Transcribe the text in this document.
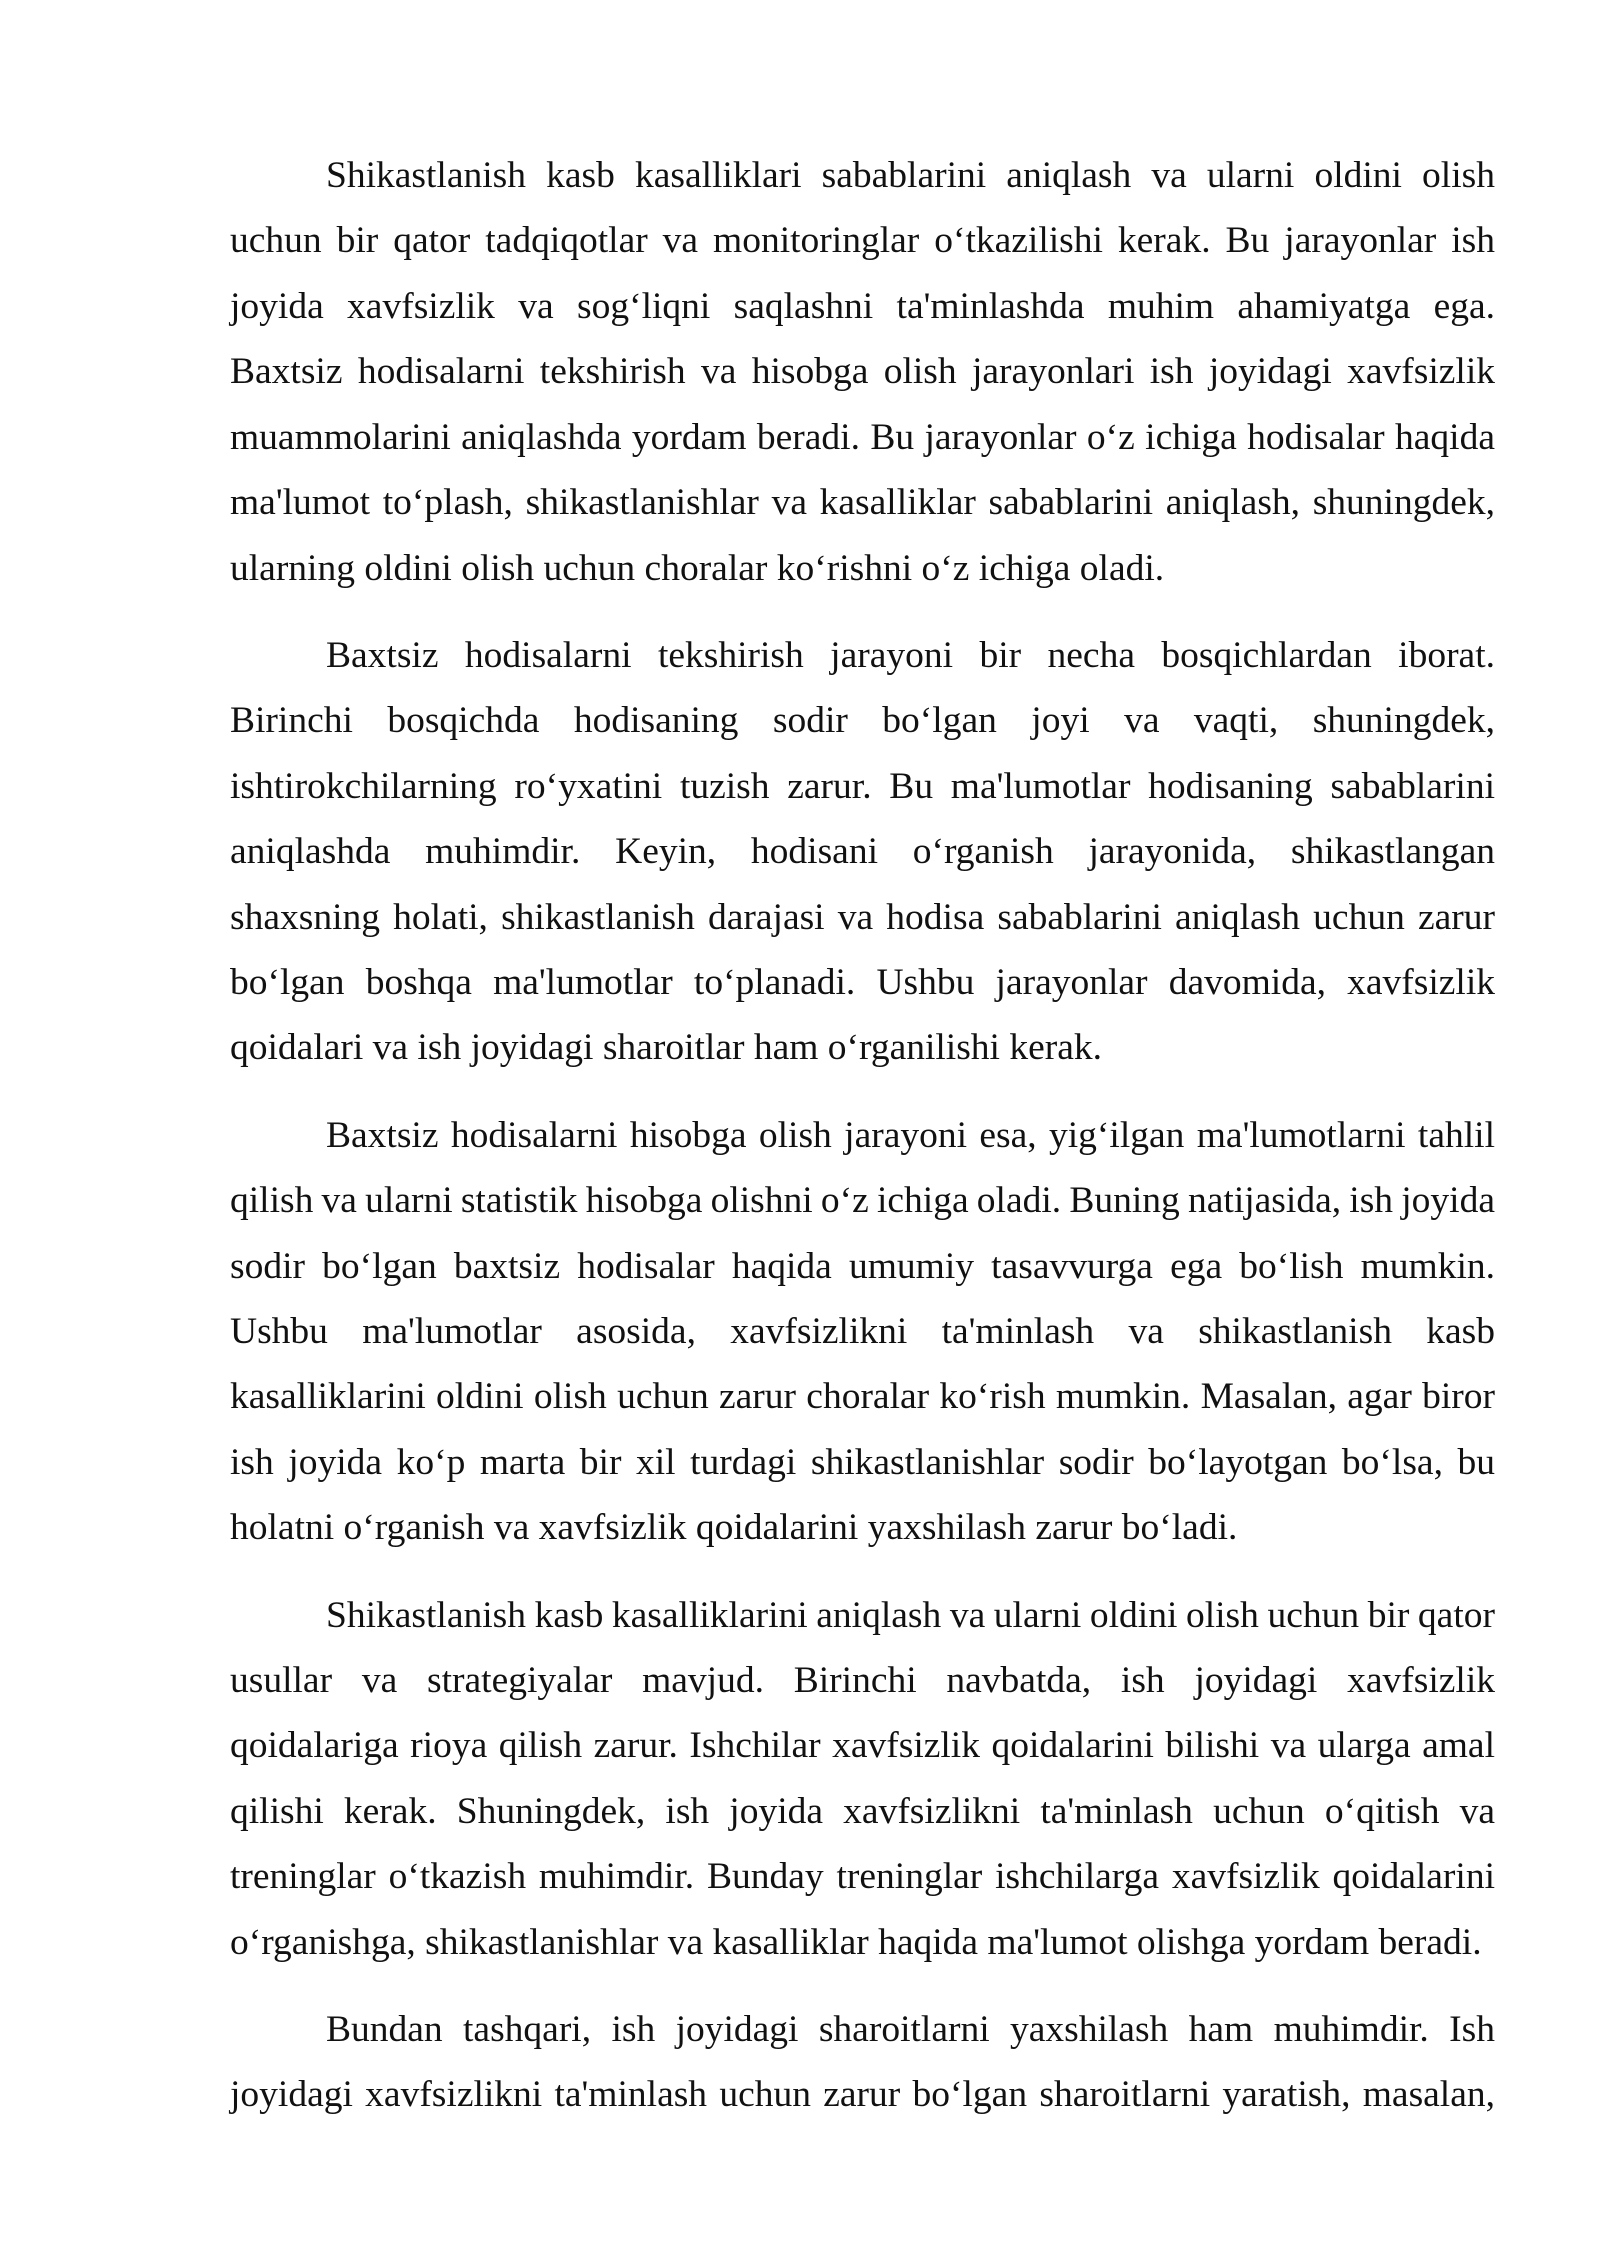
Shikastlanish kasb kasalliklari sabablarini aniqlash va ularni oldini olish
uchun bir qator tadqiqotlar va monitoringlar o‘tkazilishi kerak. Bu jarayonlar ish
joyida xavfsizlik va sog‘liqni saqlashni ta'minlashda muhim ahamiyatga ega.
Baxtsiz hodisalarni tekshirish va hisobga olish jarayonlari ish joyidagi xavfsizlik
muammolarini aniqlashda yordam beradi. Bu jarayonlar o‘z ichiga hodisalar haqida
ma'lumot to‘plash, shikastlanishlar va kasalliklar sabablarini aniqlash, shuningdek,
ularning oldini olish uchun choralar ko‘rishni o‘z ichiga oladi.
Baxtsiz hodisalarni tekshirish jarayoni bir necha bosqichlardan iborat.
Birinchi bosqichda hodisaning sodir bo‘lgan joyi va vaqti, shuningdek,
ishtirokchilarning ro‘yxatini tuzish zarur. Bu ma'lumotlar hodisaning sabablarini
aniqlashda muhimdir. Keyin, hodisani o‘rganish jarayonida, shikastlangan
shaxsning holati, shikastlanish darajasi va hodisa sabablarini aniqlash uchun zarur
bo‘lgan boshqa ma'lumotlar to‘planadi. Ushbu jarayonlar davomida, xavfsizlik
qoidalari va ish joyidagi sharoitlar ham o‘rganilishi kerak.
Baxtsiz hodisalarni hisobga olish jarayoni esa, yig‘ilgan ma'lumotlarni tahlil
qilish va ularni statistik hisobga olishni o‘z ichiga oladi. Buning natijasida, ish joyida
sodir bo‘lgan baxtsiz hodisalar haqida umumiy tasavvurga ega bo‘lish mumkin.
Ushbu ma'lumotlar asosida, xavfsizlikni ta'minlash va shikastlanish kasb
kasalliklarini oldini olish uchun zarur choralar ko‘rish mumkin. Masalan, agar biror
ish joyida ko‘p marta bir xil turdagi shikastlanishlar sodir bo‘layotgan bo‘lsa, bu
holatni o‘rganish va xavfsizlik qoidalarini yaxshilash zarur bo‘ladi.
Shikastlanish kasb kasalliklarini aniqlash va ularni oldini olish uchun bir qator
usullar va strategiyalar mavjud. Birinchi navbatda, ish joyidagi xavfsizlik
qoidalariga rioya qilish zarur. Ishchilar xavfsizlik qoidalarini bilishi va ularga amal
qilishi kerak. Shuningdek, ish joyida xavfsizlikni ta'minlash uchun o‘qitish va
treninglar o‘tkazish muhimdir. Bunday treninglar ishchilarga xavfsizlik qoidalarini
o‘rganishga, shikastlanishlar va kasalliklar haqida ma'lumot olishga yordam beradi.
Bundan tashqari, ish joyidagi sharoitlarni yaxshilash ham muhimdir. Ish
joyidagi xavfsizlikni ta'minlash uchun zarur bo‘lgan sharoitlarni yaratish, masalan,
